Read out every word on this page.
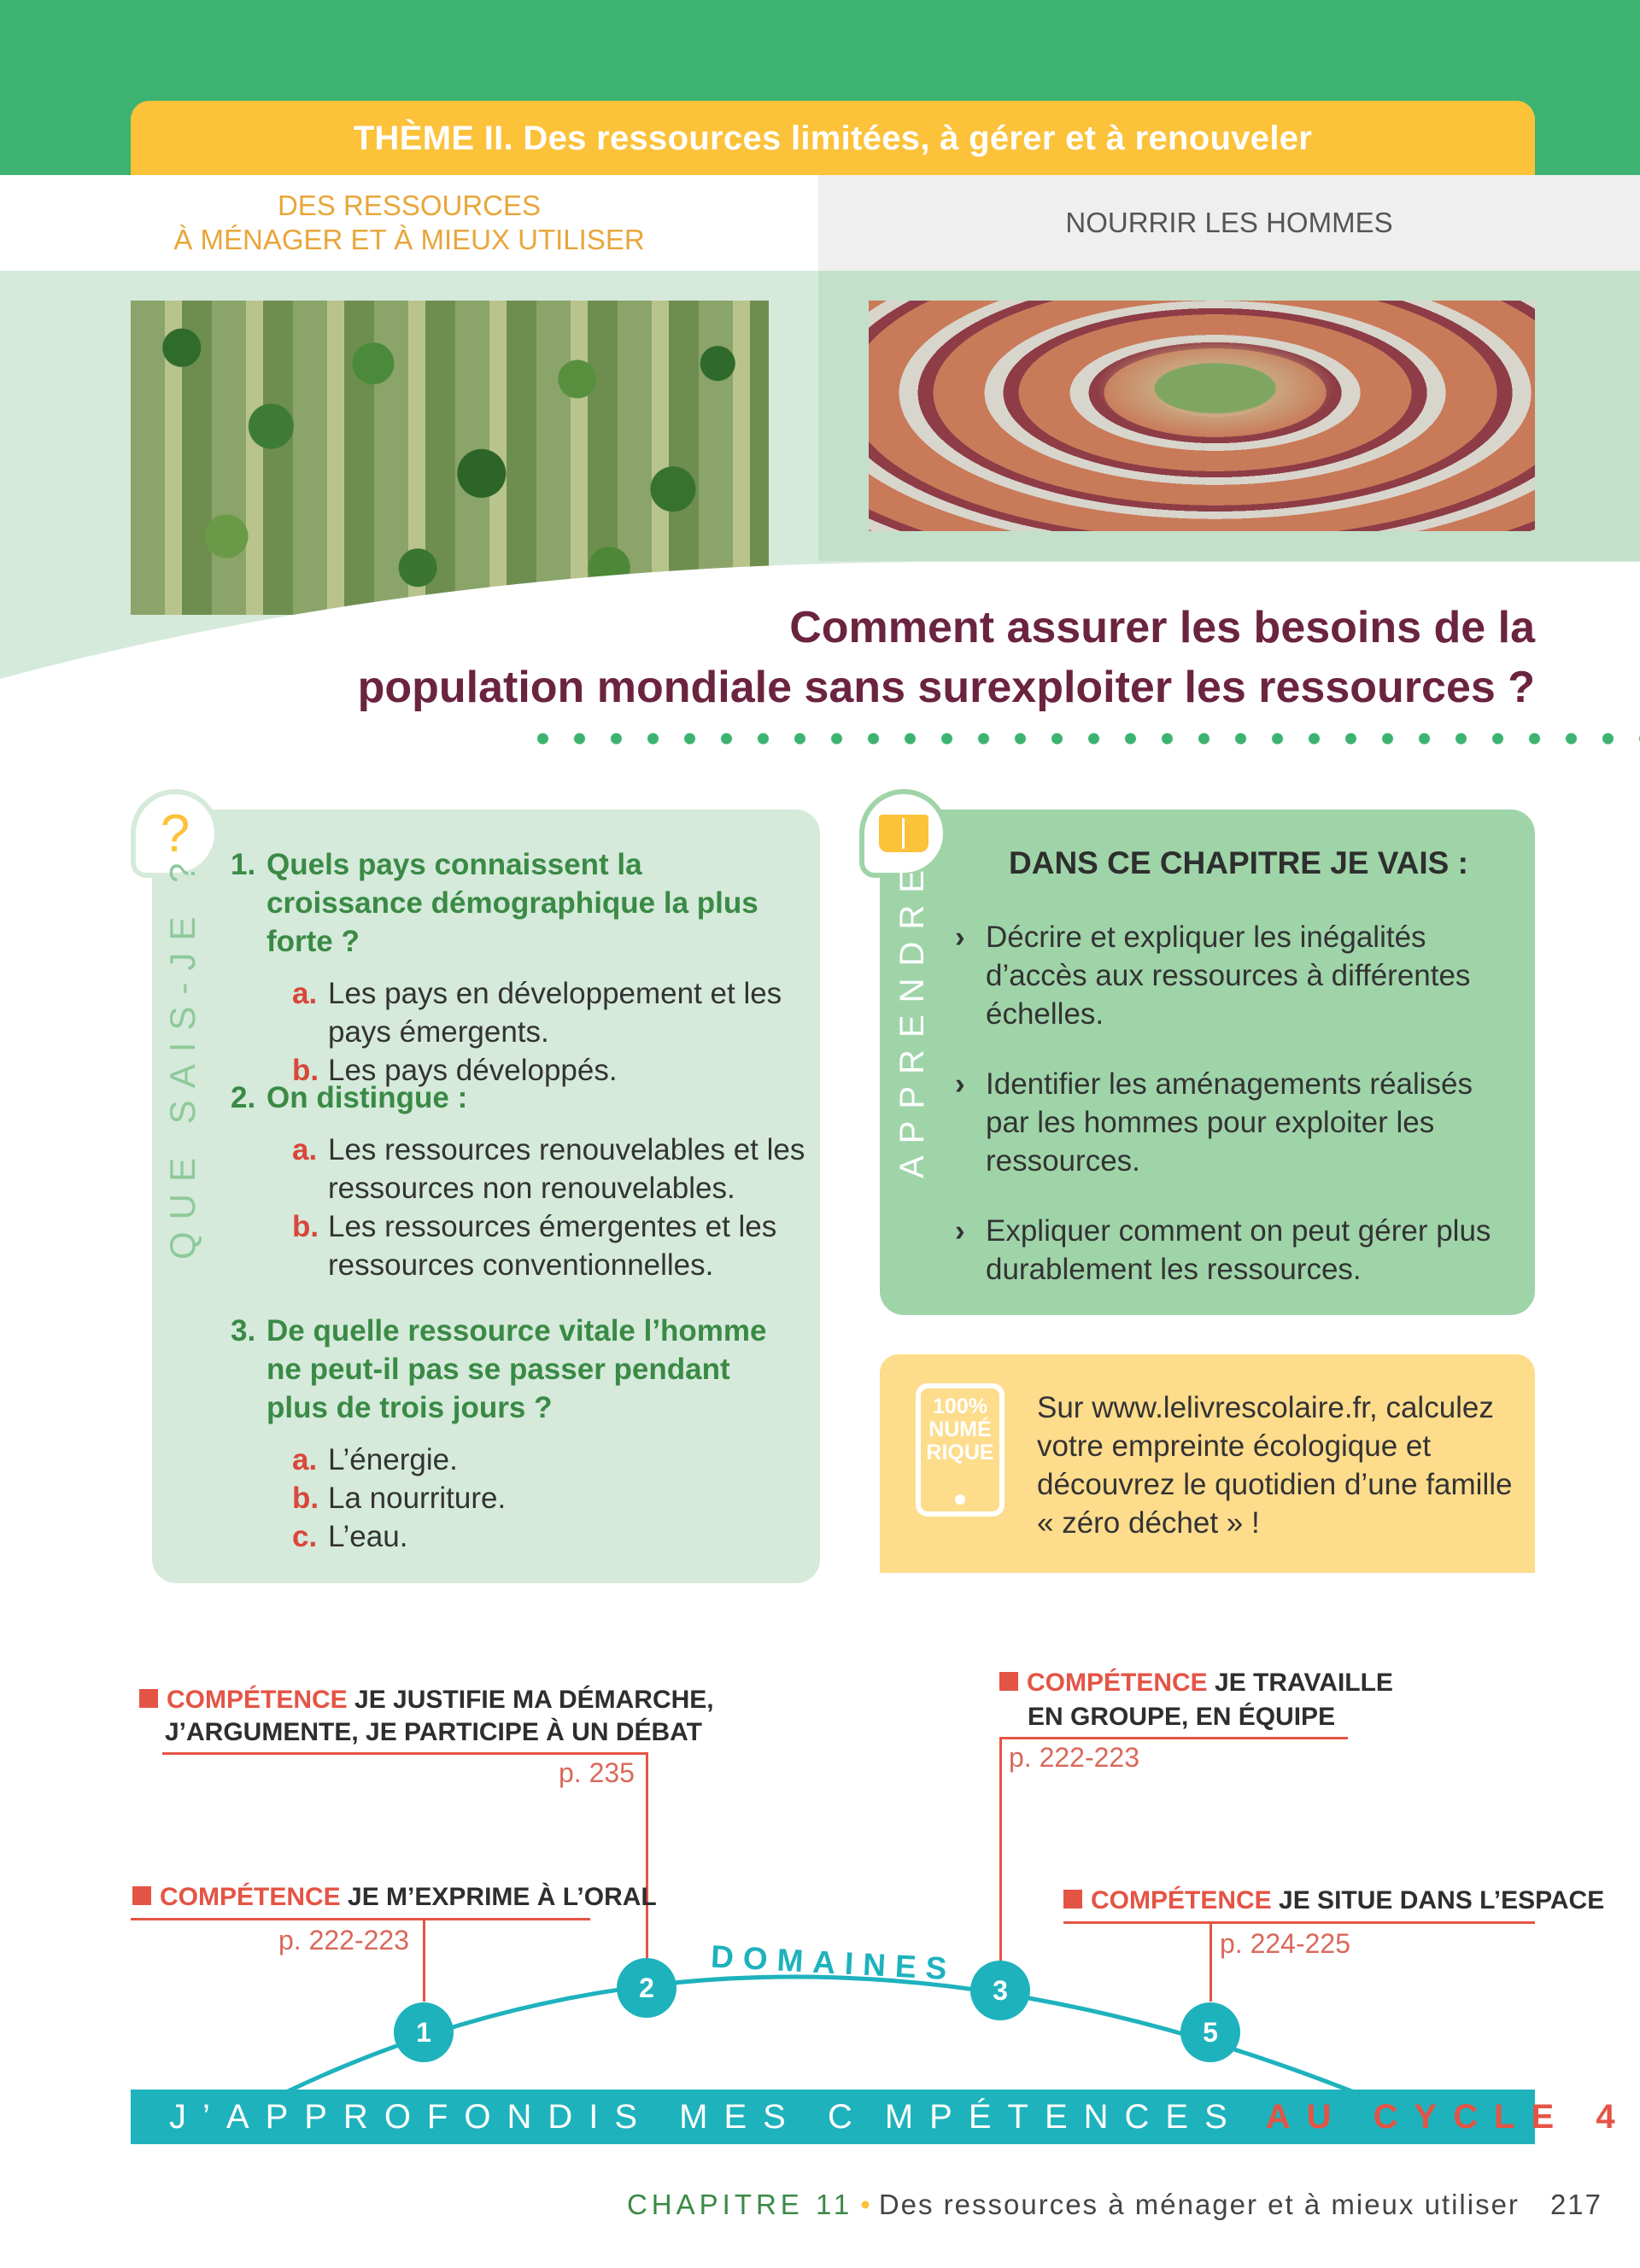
THÈME II. Des ressources limitées, à gérer et à renouveler
DES RESSOURCES
À MÉNAGER ET À MIEUX UTILISER
NOURRIR LES HOMMES
Comment assurer les besoins de la
population mondiale sans surexploiter les ressources ?
?
QUE SAIS-JE ? 1. Quels pays connaissent la croissance démographique la plus forte ?
a. Les pays en développement et les pays émergents.
b. Les pays développés.
2. On distingue :
a. Les ressources renouvelables et les ressources non renouvelables.
b. Les ressources émergentes et les ressources conventionnelles.
3. De quelle ressource vitale l’homme ne peut-il pas se passer pendant plus de trois jours ?
a. L’énergie.
b. La nourriture.
c. L’eau.
APPRENDRE	DANS CE CHAPITRE JE VAIS :
› Décrire et expliquer les inégalités d’accès aux ressources à différentes échelles.
› Identifier les aménagements réalisés par les hommes pour exploiter les ressources.
› Expliquer comment on peut gérer plus durablement les ressources.
100%
NUMÉ
RIQUE
Sur www.lelivrescolaire.fr, calculez votre empreinte écologique et découvrez le quotidien d’une famille « zéro déchet » !
COMPÉTENCE JE JUSTIFIE MA DÉMARCHE,
J’ARGUMENTE, JE PARTICIPE À UN DÉBAT
p. 235
COMPÉTENCE JE M’EXPRIME À L’ORAL
p. 222-223
COMPÉTENCE JE TRAVAILLE
EN GROUPE, EN ÉQUIPE
p. 222-223
COMPÉTENCE JE SITUE DANS L’ESPACE
p. 224-225
DOMAINES
1
2	3
5
J’APPROFONDIS MES C MPÉTENCES AU CYCLE 4
CHAPITRE 11 • Des ressources à ménager et à mieux utiliser 217
